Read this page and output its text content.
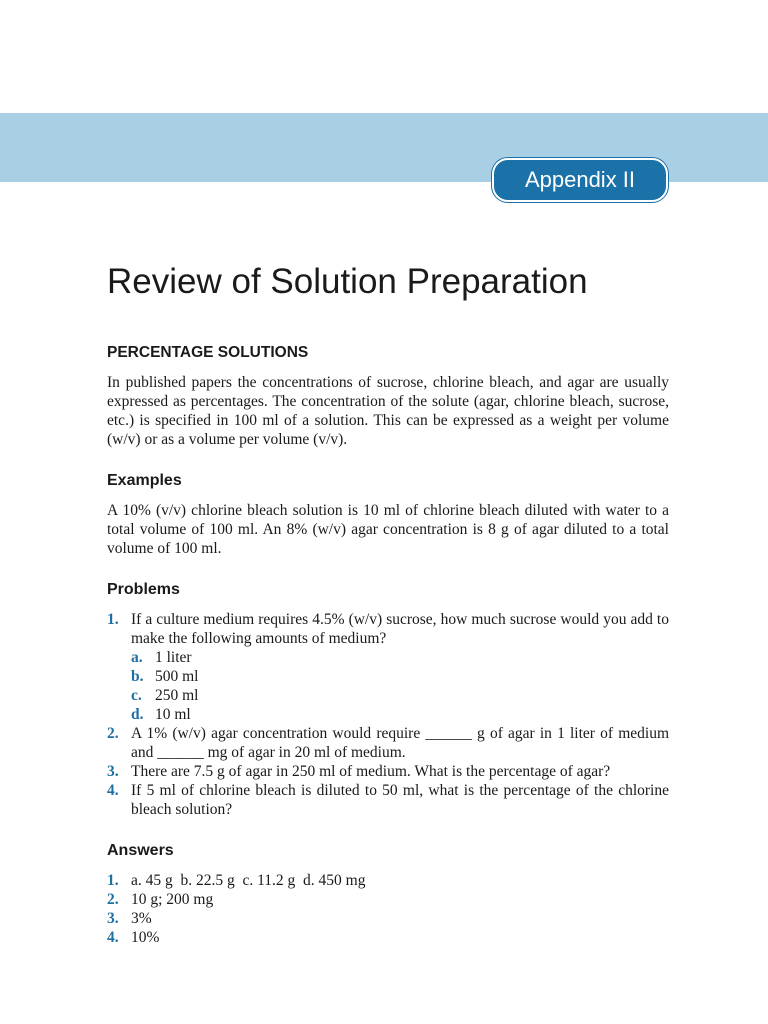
Appendix II
Review of Solution Preparation
PERCENTAGE SOLUTIONS

In published papers the concentrations of sucrose, chlorine bleach, and agar are usually expressed as percentages. The concentration of the solute (agar, chlorine bleach, sucrose, etc.) is specified in 100 ml of a solution. This can be expressed as a weight per volume (w/v) or as a volume per volume (v/v).

Examples

A 10% (v/v) chlorine bleach solution is 10 ml of chlorine bleach diluted with water to a total volume of 100 ml. An 8% (w/v) agar concentration is 8 g of agar diluted to a total volume of 100 ml.

Problems
1. If a culture medium requires 4.5% (w/v) sucrose, how much sucrose would you add to make the following amounts of medium?
a. 1 liter
b. 500 ml
c. 250 ml
d. 10 ml
2. A 1% (w/v) agar concentration would require ______ g of agar in 1 liter of medium and ______ mg of agar in 20 ml of medium.
3. There are 7.5 g of agar in 250 ml of medium. What is the percentage of agar?
4. If 5 ml of chlorine bleach is diluted to 50 ml, what is the percentage of the chlorine bleach solution?
Answers
1. a. 45 g  b. 22.5 g  c. 11.2 g  d. 450 mg
2. 10 g; 200 mg
3. 3%
4. 10%
